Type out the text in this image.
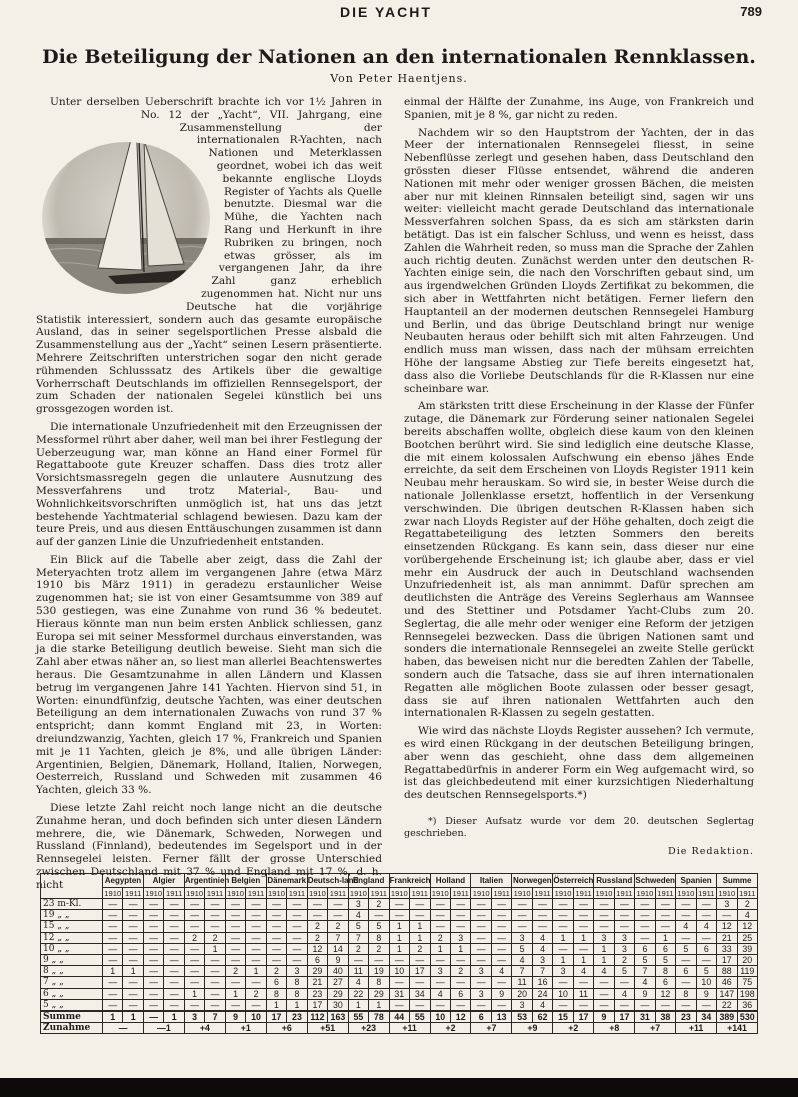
DIE YACHT	789
Die Beteiligung der Nationen an den internationalen Rennklassen.
Von Peter Haentjens.

Unter derselben Ueberschrift brachte ich vor 1½ Jahren in No. 12 der „Yacht“, VII. Jahrgang, eine Zusammenstellung der internationalen R-Yachten, nach Nationen und Meterklassen geordnet, wobei ich das weit bekannte englische Lloyds Register of Yachts als Quelle benutzte. Diesmal war die Mühe, die Yachten nach Rang und Herkunft in ihre Rubriken zu bringen, noch etwas grösser, als im vergangenen Jahr, da ihre Zahl ganz erheblich zugenommen hat. Nicht nur uns Deutsche hat die vorjährige Statistik interessiert, sondern auch das gesamte europäische Ausland, das in seiner segelsportlichen Presse alsbald die Zusammenstellung aus der „Yacht“ seinen Lesern präsentierte. Mehrere Zeitschriften unterstrichen sogar den nicht gerade rühmenden Schlusssatz des Artikels über die gewaltige Vorherrschaft Deutschlands im offiziellen Rennsegelsport, der zum Schaden der nationalen Segelei künstlich bei uns grossgezogen worden ist.

Die internationale Unzufriedenheit mit den Erzeugnissen der Messformel rührt aber daher, weil man bei ihrer Festlegung der Ueberzeugung war, man könne an Hand einer Formel für Regattaboote gute Kreuzer schaffen. Dass dies trotz aller Vorsichtsmassregeln gegen die unlautere Ausnutzung des Messverfahrens und trotz Material-, Bau- und Wohnlichkeitsvorschriften unmöglich ist, hat uns das jetzt bestehende Yachtmaterial schlagend bewiesen. Dazu kam der teure Preis, und aus diesen Enttäuschungen zusammen ist dann auf der ganzen Linie die Unzufriedenheit entstanden.

Ein Blick auf die Tabelle aber zeigt, dass die Zahl der Meteryachten trotz allem im vergangenen Jahre (etwa März 1910 bis März 1911) in geradezu erstaunlicher Weise zugenommen hat; sie ist von einer Gesamtsumme von 389 auf 530 gestiegen, was eine Zunahme von rund 36 % bedeutet. Hieraus könnte man nun beim ersten Anblick schliessen, ganz Europa sei mit seiner Messformel durchaus einverstanden, was ja die starke Beteiligung deutlich beweise. Sieht man sich die Zahl aber etwas näher an, so liest man allerlei Beachtenswertes heraus. Die Gesamtzunahme in allen Ländern und Klassen betrug im vergangenen Jahre 141 Yachten. Hiervon sind 51, in Worten: einundfünfzig, deutsche Yachten, was einer deutschen Beteiligung an dem internationalen Zuwachs von rund 37 % entspricht; dann kommt England mit 23, in Worten: dreiundzwanzig, Yachten, gleich 17 %, Frankreich und Spanien mit je 11 Yachten, gleich je 8%, und alle übrigen Länder: Argentinien, Belgien, Dänemark, Holland, Italien, Norwegen, Oesterreich, Russland und Schweden mit zusammen 46 Yachten, gleich 33 %.

Diese letzte Zahl reicht noch lange nicht an die deutsche Zunahme heran, und doch befinden sich unter diesen Ländern mehrere, die, wie Dänemark, Schweden, Norwegen und Russland (Finnland), bedeutendes im Segelsport und in der Rennsegelei leisten. Ferner fällt der grosse Unterschied zwischen Deutschland mit 37 % und England mit 17 %, d. h. nicht

einmal der Hälfte der Zunahme, ins Auge, von Frankreich und Spanien, mit je 8 %, gar nicht zu reden.

Nachdem wir so den Hauptstrom der Yachten, der in das Meer der internationalen Rennsegelei fliesst, in seine Nebenflüsse zerlegt und gesehen haben, dass Deutschland den grössten dieser Flüsse entsendet, während die anderen Nationen mit mehr oder weniger grossen Bächen, die meisten aber nur mit kleinen Rinnsalen beteiligt sind, sagen wir uns weiter: vielleicht macht gerade Deutschland das internationale Messverfahren solchen Spass, da es sich am stärksten darin betätigt. Das ist ein falscher Schluss, und wenn es heisst, dass Zahlen die Wahrheit reden, so muss man die Sprache der Zahlen auch richtig deuten. Zunächst werden unter den deutschen R-Yachten einige sein, die nach den Vorschriften gebaut sind, um aus irgendwelchen Gründen Lloyds Zertifikat zu bekommen, die sich aber in Wettfahrten nicht betätigen. Ferner liefern den Hauptanteil an der modernen deutschen Rennsegelei Hamburg und Berlin, und das übrige Deutschland bringt nur wenige Neubauten heraus oder behilft sich mit alten Fahrzeugen. Und endlich muss man wissen, dass nach der mühsam erreichten Höhe der langsame Abstieg zur Tiefe bereits eingesetzt hat, dass also die Vorliebe Deutschlands für die R-Klassen nur eine scheinbare war.

Am stärksten tritt diese Erscheinung in der Klasse der Fünfer zutage, die Dänemark zur Förderung seiner nationalen Segelei bereits abschaffen wollte, obgleich diese kaum von den kleinen Bootchen berührt wird. Sie sind lediglich eine deutsche Klasse, die mit einem kolossalen Aufschwung ein ebenso jähes Ende erreichte, da seit dem Erscheinen von Lloyds Register 1911 kein Neubau mehr herauskam. So wird sie, in bester Weise durch die nationale Jollenklasse ersetzt, hoffentlich in der Versenkung verschwinden. Die übrigen deutschen R-Klassen haben sich zwar nach Lloyds Register auf der Höhe gehalten, doch zeigt die Regattabeteiligung des letzten Sommers den bereits einsetzenden Rückgang. Es kann sein, dass dieser nur eine vorübergehende Erscheinung ist; ich glaube aber, dass er viel mehr ein Ausdruck der auch in Deutschland wachsenden Unzufriedenheit ist, als man annimmt. Dafür sprechen am deutlichsten die Anträge des Vereins Seglerhaus am Wannsee und des Stettiner und Potsdamer Yacht-Clubs zum 20. Seglertag, die alle mehr oder weniger eine Reform der jetzigen Rennsegelei bezwecken. Dass die übrigen Nationen samt und sonders die internationale Rennsegelei an zweite Stelle gerückt haben, das beweisen nicht nur die beredten Zahlen der Tabelle, sondern auch die Tatsache, dass sie auf ihren internationalen Regatten alle möglichen Boote zulassen oder besser gesagt, dass sie auf ihren nationalen Wettfahrten auch den internationalen R-Klassen zu segeln gestatten.

Wie wird das nächste Lloyds Register aussehen? Ich vermute, es wird einen Rückgang in der deutschen Beteiligung bringen, aber wenn das geschieht, ohne dass dem allgemeinen Regattabedürfnis in anderer Form ein Weg aufgemacht wird, so ist das gleichbedeutend mit einer kurzsichtigen Niederhaltung des deutschen Rennsegelsports.*)

*) Dieser Aufsatz wurde vor dem 20. deutschen Seglertag geschrieben.
Die Redaktion.
	Aegypten		Algier		Argentinien		Belgien		Dänemark		Deutsch-land		England		Frankreich		Holland		Italien		Norwegen		Österreich		Russland		Schweden		Spanien		Summe	
	1910	1911	1910	1911	1910	1911	1910	1911	1910	1911	1910	1911	1910	1911	1910	1911	1910	1911	1910	1911	1910	1911	1910	1911	1910	1911	1910	1911	1910	1911	1910	1911
23 m-Kl.	—	—	—	—	—	—	—	—	—	—	—	—	3	2	—	—	—	—	—	—	—	—	—	—	—	—	—	—	—	—	3	2
19 „ „	—	—	—	—	—	—	—	—	—	—	—	—	4	—	—	—	—	—	—	—	—	—	—	—	—	—	—	—	—	—	—	4
15 „ „	—	—	—	—	—	—	—	—	—	—	2	2	5	5	1	1	—	—	—	—	—	—	—	—	—	—	—	—	4	4	12	12
12 „ „	—	—	—	—	2	2	—	—	—	—	2	7	7	8	1	1	2	3	—	—	3	4	1	1	3	3	—	1	—	—	21	25
10 „ „	—	—	—	—	—	1	—	—	—	—	12	14	2	2	1	2	1	1	—	—	5	4	—	—	1	3	6	6	5	6	33	39
9 „ „	—	—	—	—	—	—	—	—	—	—	6	9	—	—	—	—	—	—	—	—	4	3	1	1	1	2	5	5	—	—	17	20
8 „ „	1	1	—	—	—	—	2	1	2	3	29	40	11	19	10	17	3	2	3	4	7	7	3	4	4	5	7	8	6	5	88	119
7 „ „	—	—	—	—	—	—	—	—	6	8	21	27	4	8	—	—	—	—	—	—	11	16	—	—	—	—	4	6	—	10	46	75
6 „ „	—	—	—	—	1	—	1	2	8	8	23	29	22	29	31	34	4	6	3	9	20	24	10	11	—	4	9	12	8	9	147	198
5 „ „	—	—	—	—	—	—	—	—	1	1	17	30	1	1	—	—	—	—	—	—	3	4	—	—	—	—	—	—	—	—	22	36
Summe	1	1	—	1	3	7	9	10	17	23	112	163	55	78	44	55	10	12	6	13	53	62	15	17	9	17	31	38	23	34	389	530
Zunahme	—		—1		+4		+1		+6		+51		+23		+11		+2		+7		+9		+2		+8		+7		+11		+141	
